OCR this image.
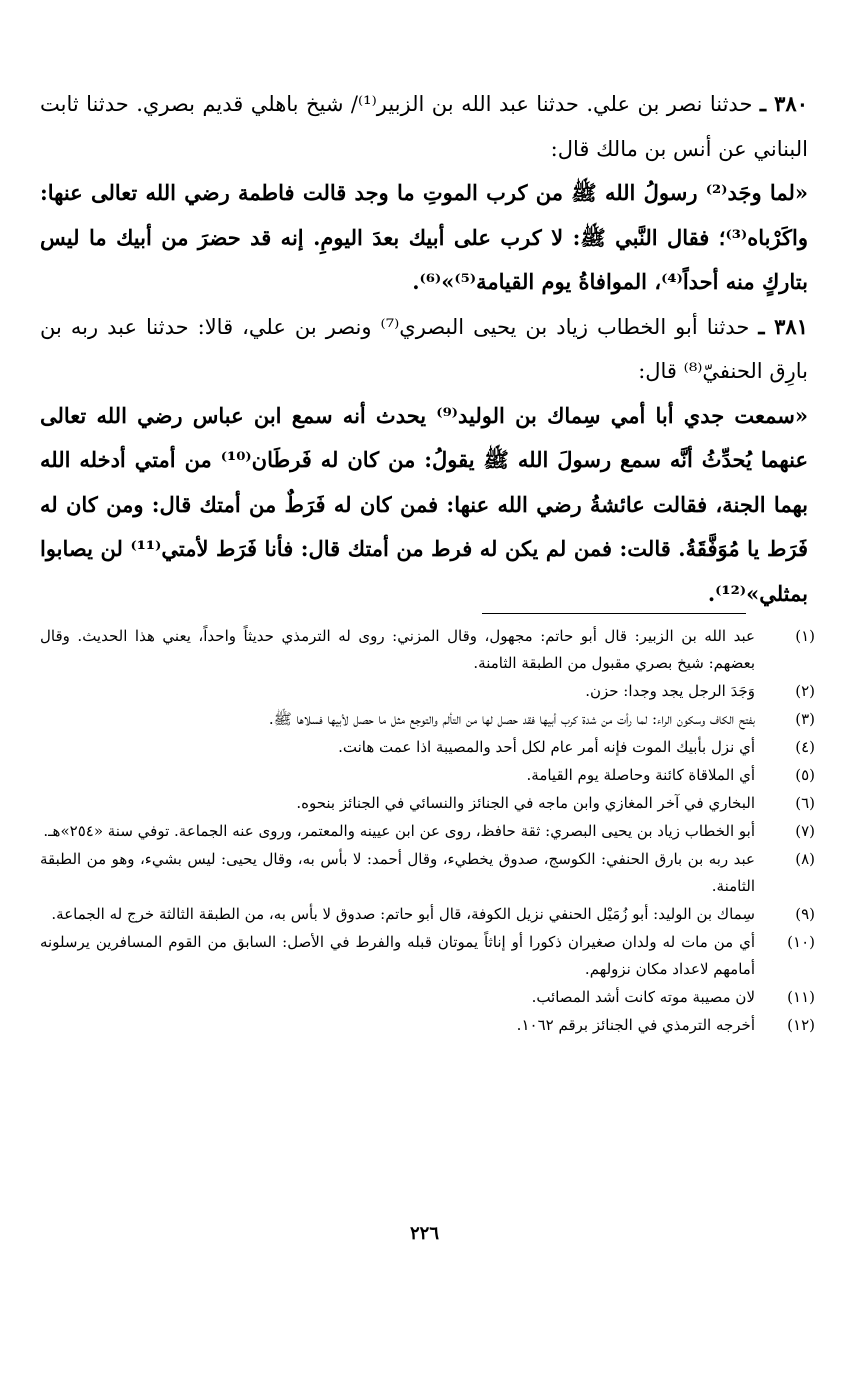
٣٨٠ ـ حدثنا نصر بن علي. حدثنا عبد الله بن الزبير⁽¹⁾/ شيخ باهلي قديم بصري. حدثنا ثابت البناني عن أنس بن مالك قال:

«لما وجَد⁽²⁾ رسولُ الله ﷺ من كرب الموتِ ما وجد قالت فاطمة رضي الله تعالى عنها: واكَرْباه⁽³⁾؛ فقال النَّبي ﷺ: لا كرب على أبيك بعدَ اليومِ. إنه قد حضرَ من أبيك ما ليس بتاركٍ منه أحداً⁽⁴⁾، الموافاةُ يوم القيامة⁽⁵⁾»⁽⁶⁾.

٣٨١ ـ حدثنا أبو الخطاب زياد بن يحيى البصري⁽⁷⁾ ونصر بن علي، قالا: حدثنا عبد ربه بن بارِق الحنفيّ⁽⁸⁾ قال:

«سمعت جدي أبا أمي سِماك بن الوليد⁽⁹⁾ يحدث أنه سمع ابن عباس رضي الله تعالى عنهما يُحدِّثُ أنَّه سمع رسولَ الله ﷺ يقولُ: من كان له فَرطَان⁽¹⁰⁾ من أمتي أدخله الله بهما الجنة، فقالت عائشةُ رضي الله عنها: فمن كان له فَرَطٌ من أمتك قال: ومن كان له فَرَط يا مُوَفَّقَةُ. قالت: فمن لم يكن له فرط من أمتك قال: فأنا فَرَط لأمتي⁽¹¹⁾ لن يصابوا بمثلي»⁽¹²⁾.

(١)
عبد الله بن الزبير: قال أبو حاتم: مجهول، وقال المزني: روى له الترمذي حديثاً واحداً، يعني هذا الحديث. وقال بعضهم: شيخ بصري مقبول من الطبقة الثامنة.
(٢)
وَجَدَ الرجل يجد وجدا: حزن.
(٣)
بفتح الكاف وسكون الراء: لما رأت من شدة كرب أبيها فقد حصل لها من التألم والتوجع مثل ما حصل لأبيها فسلاها ﷺ.
(٤)
أي نزل بأبيك الموت فإنه أمر عام لكل أحد والمصيبة اذا عمت هانت.
(٥)
أي الملاقاة كائنة وحاصلة يوم القيامة.
(٦)
البخاري في آخر المغازي وابن ماجه في الجنائز والنسائي في الجنائز بنحوه.
(٧)
أبو الخطاب زياد بن يحيى البصري: ثقة حافظ، روى عن ابن عيينه والمعتمر، وروى عنه الجماعة. توفي سنة «٢٥٤»هـ.
(٨)
عبد ربه بن بارق الحنفي: الكوسج، صدوق يخطيء، وقال أحمد: لا بأس به، وقال يحيى: ليس بشيء، وهو من الطبقة الثامنة.
(٩)
سِماك بن الوليد: أبو زُمَيْل الحنفي نزيل الكوفة، قال أبو حاتم: صدوق لا بأس به، من الطبقة الثالثة خرج له الجماعة.
(١٠)
أي من مات له ولدان صغيران ذكورا أو إناثاً يموتان قبله والفرط في الأصل: السابق من القوم المسافرين يرسلونه أمامهم لاعداد مكان نزولهم.
(١١)
لان مصيبة موته كانت أشد المصائب.
(١٢)
أخرجه الترمذي في الجنائز برقم ١٠٦٢.
٢٢٦
